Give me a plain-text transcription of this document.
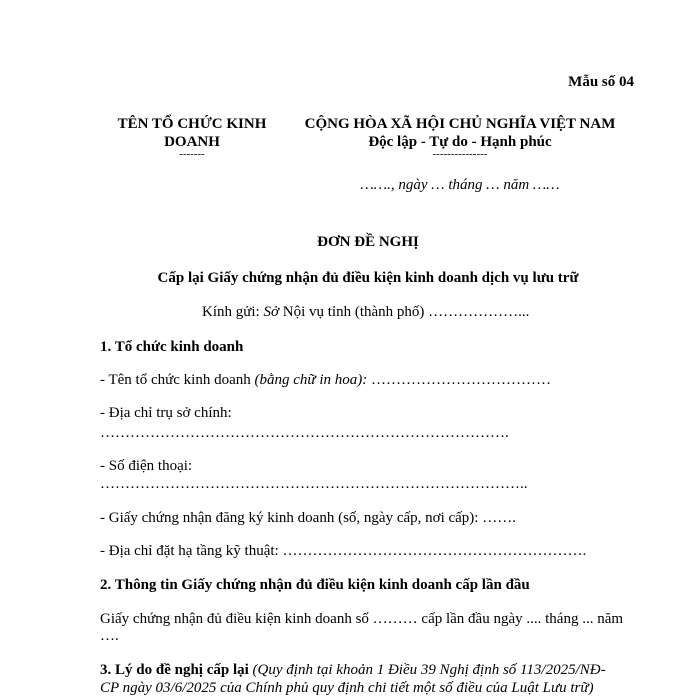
Mẫu số 04
TÊN TỔ CHỨC KINH
DOANH
-------
CỘNG HÒA XÃ HỘI CHỦ NGHĨA VIỆT NAM
Độc lập - Tự do - Hạnh phúc
---------------
……., ngày … tháng … năm ……
ĐƠN ĐỀ NGHỊ
Cấp lại Giấy chứng nhận đủ điều kiện kinh doanh dịch vụ lưu trữ
Kính gửi: Sở Nội vụ tỉnh (thành phố) ………………...
1. Tổ chức kinh doanh
- Tên tổ chức kinh doanh (bằng chữ in hoa): ………………………………
- Địa chỉ trụ sở chính:
……………………………………………………………………….
- Số điện thoại:
…………………………………………………………………………..
- Giấy chứng nhận đăng ký kinh doanh (số, ngày cấp, nơi cấp): …….
- Địa chỉ đặt hạ tầng kỹ thuật: …………………………………………………….
2. Thông tin Giấy chứng nhận đủ điều kiện kinh doanh cấp lần đầu
Giấy chứng nhận đủ điều kiện kinh doanh số ……… cấp lần đầu ngày .... tháng ... năm
….
3. Lý do đề nghị cấp lại (Quy định tại khoản 1 Điều 39 Nghị định số 113/2025/NĐ-
CP ngày 03/6/2025 của Chính phủ quy định chi tiết một số điều của Luật Lưu trữ)
